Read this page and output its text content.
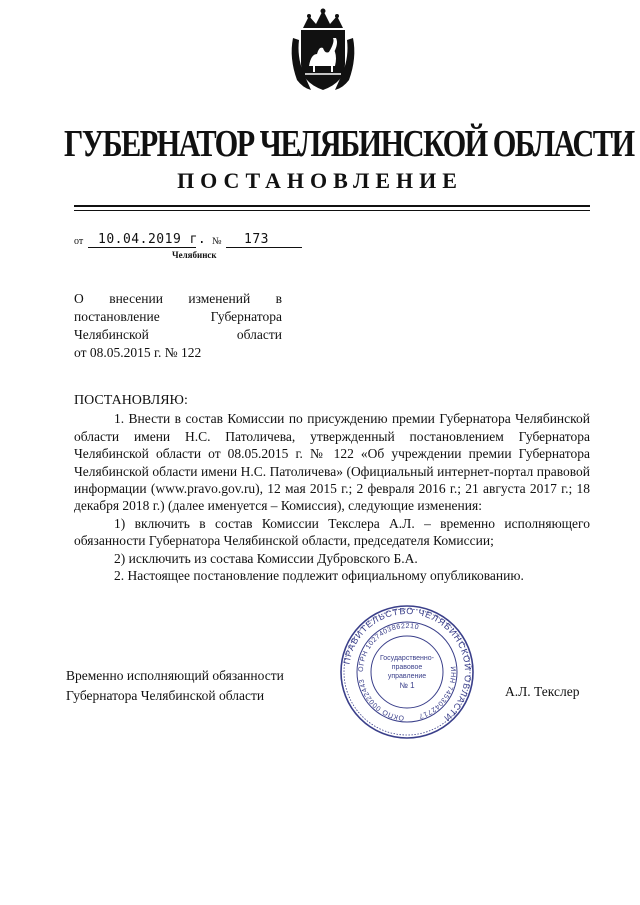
ГУБЕРНАТОР ЧЕЛЯБИНСКОЙ ОБЛАСТИ
ПОСТАНОВЛЕНИЕ
от 10.04.2019 г. № 173
Челябинск
О внесении изменений в
постановление Губернатора
Челябинской области
от 08.05.2015 г. № 122

ПОСТАНОВЛЯЮ:

1. Внести в состав Комиссии по присуждению премии Губернатора Челябинской области имени Н.С. Патоличева, утвержденный постановлением Губернатора Челябинской области от 08.05.2015 г. № 122 «Об учреждении премии Губернатора Челябинской области имени Н.С. Патоличева» (Официальный интернет-портал правовой информации (www.pravo.gov.ru), 12 мая 2015 г.; 2 февраля 2016 г.; 21 августа 2017 г.; 18 декабря 2018 г.) (далее именуется – Комиссия), следующие изменения:

1) включить в состав Комиссии Текслера А.Л. – временно исполняющего обязанности Губернатора Челябинской области, председателя Комиссии;

2) исключить из состава Комиссии Дубровского Б.А.

2. Настоящее постановление подлежит официальному опубликованию.

Временно исполняющий обязанности
Губернатора Челябинской области	А.Л. Текслер
ПРАВИТЕЛЬСТВО ЧЕЛЯБИНСКОЙ ОБЛАСТИ
ОГРН 1027403862210
ИНН 7453042717
ОКПО 00022443
Государственно-
правовое
управление
№ 1
